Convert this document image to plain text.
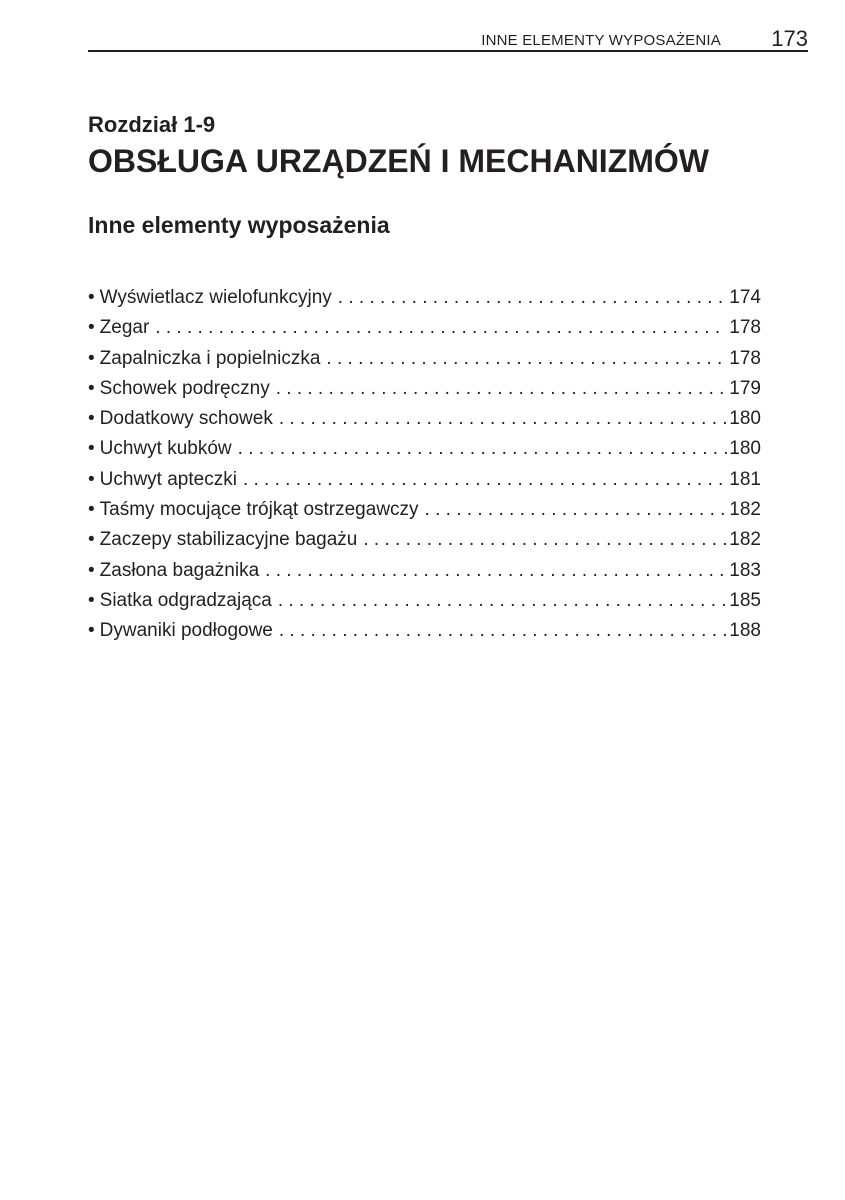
INNE ELEMENTY WYPOSAŻENIA 173
Rozdział 1-9
OBSŁUGA URZĄDZEŃ I MECHANIZMÓW
Inne elementy wyposażenia
• Wyświetlacz wielofunkcyjny . . .	174
• Zegar . . .	178
• Zapalniczka i popielniczka . . .	178
• Schowek podręczny . . .	179
• Dodatkowy schowek . . .	180
• Uchwyt kubków . . .	180
• Uchwyt apteczki . . .	181
• Taśmy mocujące trójkąt ostrzegawczy . . .	182
• Zaczepy stabilizacyjne bagażu . . .	182
• Zasłona bagażnika . . .	183
• Siatka odgradzająca . . .	185
• Dywaniki podłogowe . . .	188
